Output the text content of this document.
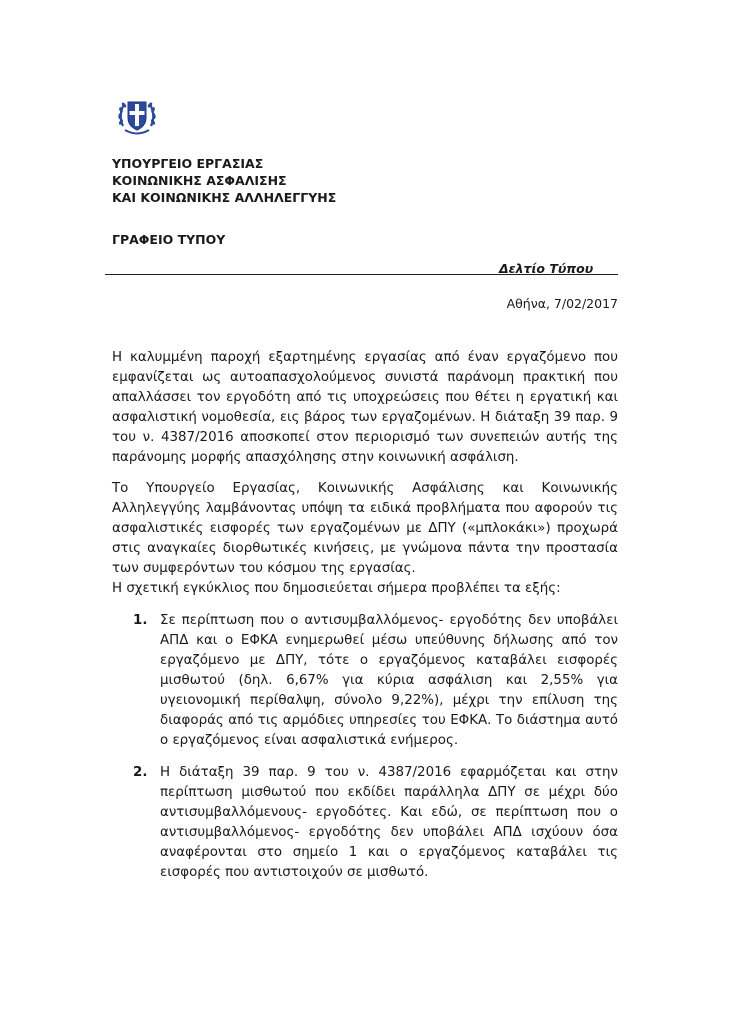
ΥΠΟΥΡΓΕΙΟ ΕΡΓΑΣΙΑΣ
ΚΟΙΝΩΝΙΚΗΣ ΑΣΦΑΛΙΣΗΣ
ΚΑΙ ΚΟΙΝΩΝΙΚΗΣ ΑΛΛΗΛΕΓΓΥΗΣ
ΓΡΑΦΕΙΟ ΤΥΠΟΥ
Δελτίο Τύπου
Αθήνα, 7/02/2017

Η καλυμμένη παροχή εξαρτημένης εργασίας από έναν εργαζόμενο που εμφανίζεται ως αυτοαπασχολούμενος συνιστά παράνομη πρακτική που απαλλάσσει τον εργοδότη από τις υποχρεώσεις που θέτει η εργατική και ασφαλιστική νομοθεσία, εις βάρος των εργαζομένων. Η διάταξη 39 παρ. 9 του ν. 4387/2016 αποσκοπεί στον περιορισμό των συνεπειών αυτής της παράνομης μορφής απασχόλησης στην κοινωνική ασφάλιση.

Το Υπουργείο Εργασίας, Κοινωνικής Ασφάλισης και Κοινωνικής Αλληλεγγύης λαμβάνοντας υπόψη τα ειδικά προβλήματα που αφορούν τις ασφαλιστικές εισφορές των εργαζομένων με ΔΠΥ («μπλοκάκι») προχωρά στις αναγκαίες διορθωτικές κινήσεις, με γνώμονα πάντα την προστασία των συμφερόντων του κόσμου της εργασίας.

Η σχετική εγκύκλιος που δημοσιεύεται σήμερα προβλέπει τα εξής:

1. Σε περίπτωση που ο αντισυμβαλλόμενος- εργοδότης δεν υποβάλει ΑΠΔ και ο ΕΦΚΑ ενημερωθεί μέσω υπεύθυνης δήλωσης από τον εργαζόμενο με ΔΠΥ, τότε ο εργαζόμενος καταβάλει εισφορές μισθωτού (δηλ. 6,67% για κύρια ασφάλιση και 2,55% για υγειονομική περίθαλψη, σύνολο 9,22%), μέχρι την επίλυση της διαφοράς από τις αρμόδιες υπηρεσίες του ΕΦΚΑ. Το διάστημα αυτό ο εργαζόμενος είναι ασφαλιστικά ενήμερος.
2. Η διάταξη 39 παρ. 9 του ν. 4387/2016 εφαρμόζεται και στην περίπτωση μισθωτού που εκδίδει παράλληλα ΔΠΥ σε μέχρι δύο αντισυμβαλλόμενους- εργοδότες. Και εδώ, σε περίπτωση που ο αντισυμβαλλόμενος- εργοδότης δεν υποβάλει ΑΠΔ ισχύουν όσα αναφέρονται στο σημείο 1 και ο εργαζόμενος καταβάλει τις εισφορές που αντιστοιχούν σε μισθωτό.
